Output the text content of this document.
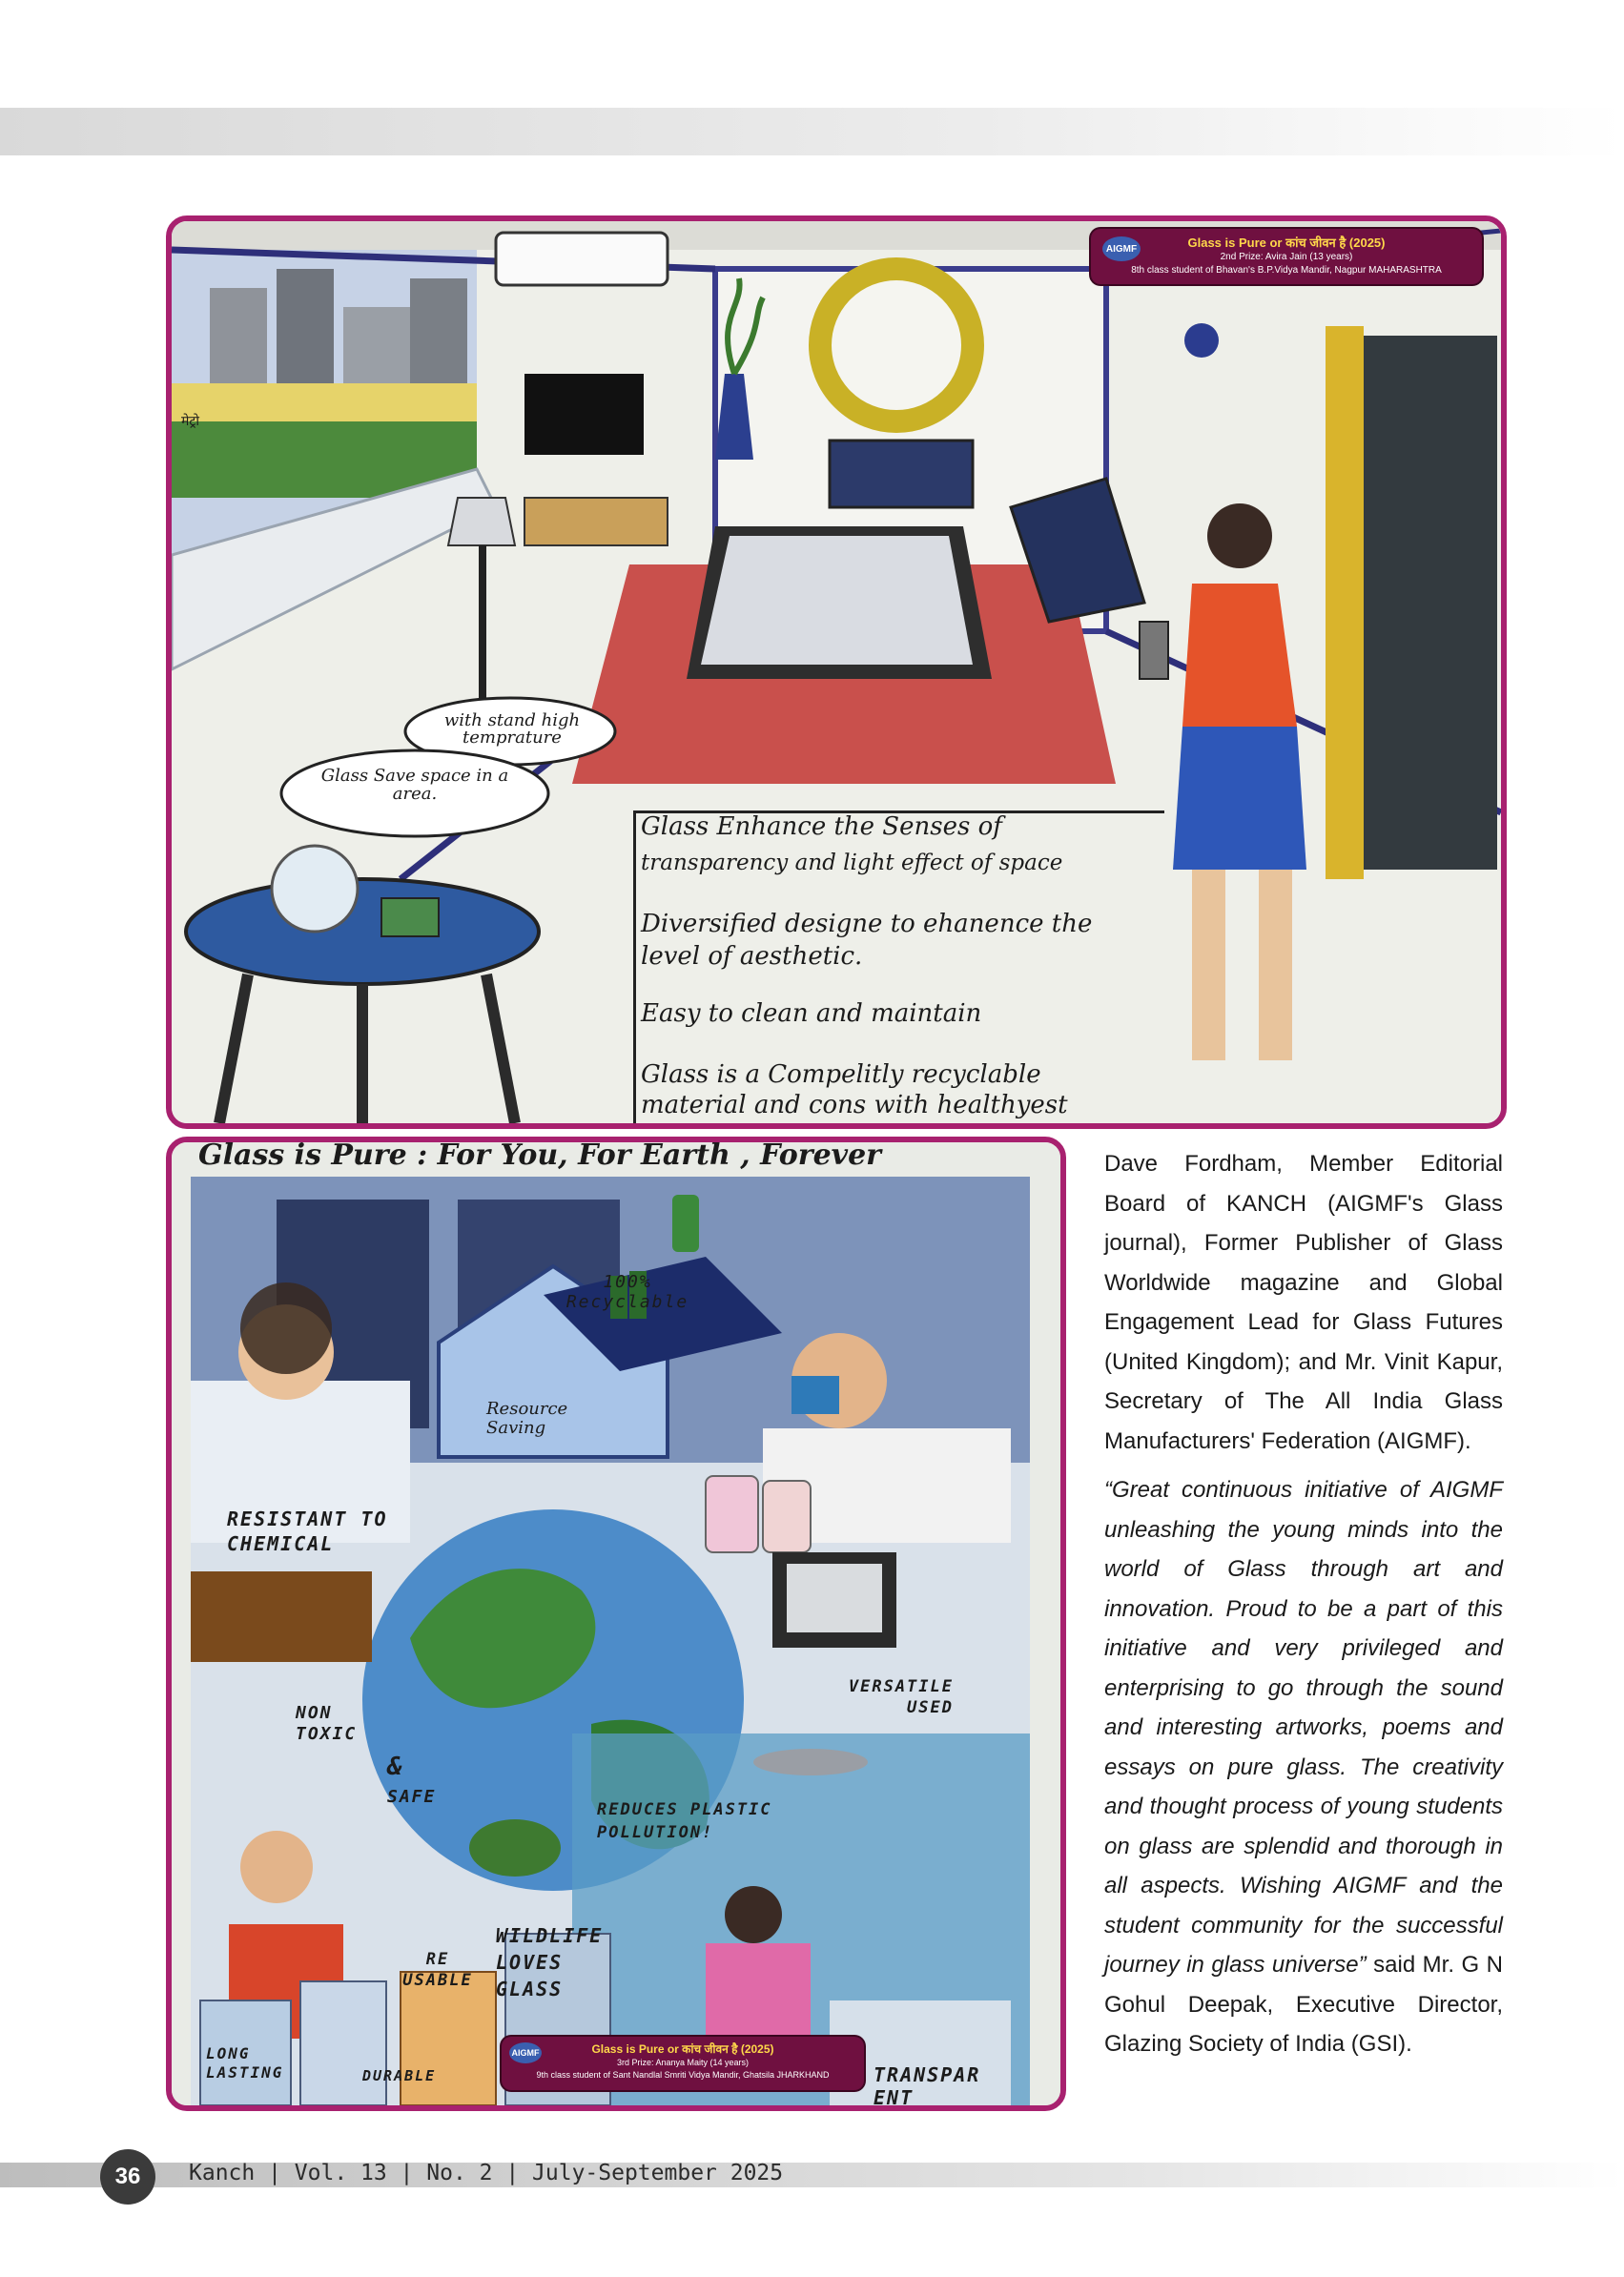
AIGMF	Glass is Pure or कांच जीवन है (2025)
2nd Prize: Avira Jain (13 years)
8th class student of Bhavan's B.P.Vidya Mandir, Nagpur MAHARASHTRA
मेट्रो
with stand high temprature
Glass Save space in a area.
Glass Enhance the Senses of
transparency and light effect of space
Diversified designe to ehanence the
level of aesthetic.
Easy to clean and maintain
Glass is a Compelitly recyclable
material and cons with healthyest
Glass is Pure : For You, For Earth , Forever
100% Recyclable
Resource Saving
RESISTANT TO CHEMICAL
NON TOXIC
&
SAFE
VERSATILE USED
REDUCES PLASTIC POLLUTION!
WILDLIFE LOVES GLASS
RE USABLE
LONG LASTING	DURABLE	TRANSPAR ENT
AIGMF	Glass is Pure or कांच जीवन है (2025)
3rd Prize: Ananya Maity (14 years)
9th class student of Sant Nandlal Smriti Vidya Mandir, Ghatsila JHARKHAND

Dave Fordham, Member Editorial Board of KANCH (AIGMF's Glass journal), Former Publisher of Glass Worldwide magazine and Global Engagement Lead for Glass Futures (United Kingdom); and Mr. Vinit Kapur, Secretary of The All India Glass Manufacturers' Federation (AIGMF).

“Great continuous initiative of AIGMF unleashing the young minds into the world of Glass through art and innovation. Proud to be a part of this initiative and very privileged and enterprising to go through the sound and interesting artworks, poems and essays on pure glass. The creativity and thought process of young students on glass are splendid and thorough in all aspects. Wishing AIGMF and the student community for the successful journey in glass universe” said Mr. G N Gohul Deepak, Executive Director, Glazing Society of India (GSI).

36	Kanch | Vol. 13 | No. 2 | July-September 2025
